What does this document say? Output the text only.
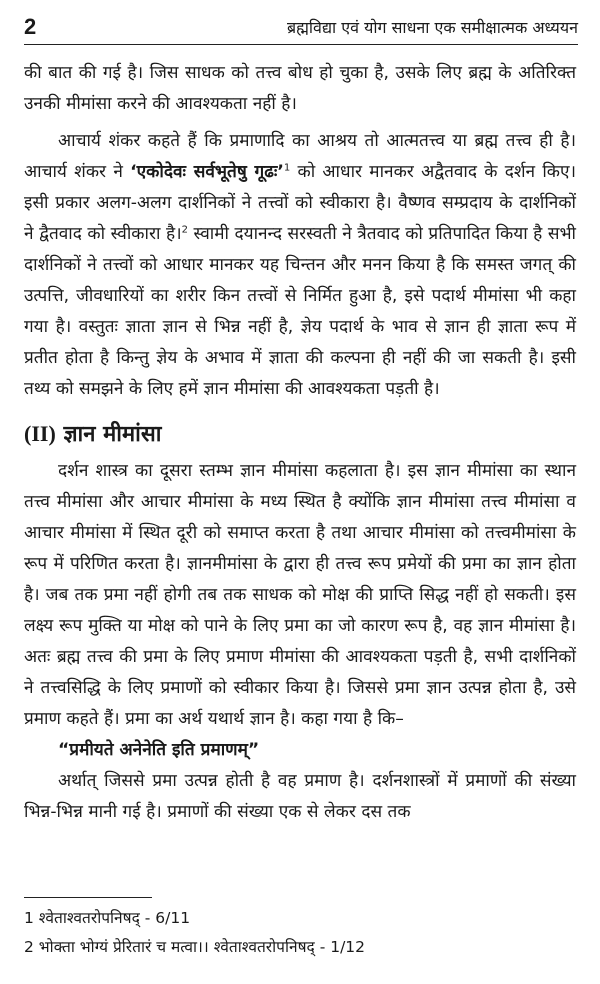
2	ब्रह्मविद्या एवं योग साधना एक समीक्षात्मक अध्ययन

की बात की गई है। जिस साधक को तत्त्व बोध हो चुका है, उसके लिए ब्रह्म के अतिरिक्त उनकी मीमांसा करने की आवश्यकता नहीं है।

आचार्य शंकर कहते हैं कि प्रमाणादि का आश्रय तो आत्मतत्त्व या ब्रह्म तत्त्व ही है। आचार्य शंकर ने ‘एकोदेवः सर्वभूतेषु गूढः’$^1$ को आधार मानकर अद्वैतवाद के दर्शन किए। इसी प्रकार अलग-अलग दार्शनिकों ने तत्त्वों को स्वीकारा है। वैष्णव सम्प्रदाय के दार्शनिकों ने द्वैतवाद को स्वीकारा है।$^2$ स्वामी दयानन्द सरस्वती ने त्रैतवाद को प्रतिपादित किया है सभी दार्शनिकों ने तत्त्वों को आधार मानकर यह चिन्तन और मनन किया है कि समस्त जगत् की उत्पत्ति, जीवधारियों का शरीर किन तत्त्वों से निर्मित हुआ है, इसे पदार्थ मीमांसा भी कहा गया है। वस्तुतः ज्ञाता ज्ञान से भिन्न नहीं है, ज्ञेय पदार्थ के भाव से ज्ञान ही ज्ञाता रूप में प्रतीत होता है किन्तु ज्ञेय के अभाव में ज्ञाता की कल्पना ही नहीं की जा सकती है। इसी तथ्य को समझने के लिए हमें ज्ञान मीमांसा की आवश्यकता पड़ती है।

(II) ज्ञान मीमांसा

दर्शन शास्त्र का दूसरा स्तम्भ ज्ञान मीमांसा कहलाता है। इस ज्ञान मीमांसा का स्थान तत्त्व मीमांसा और आचार मीमांसा के मध्य स्थित है क्योंकि ज्ञान मीमांसा तत्त्व मीमांसा व आचार मीमांसा में स्थित दूरी को समाप्त करता है तथा आचार मीमांसा को तत्त्वमीमांसा के रूप में परिणित करता है। ज्ञानमीमांसा के द्वारा ही तत्त्व रूप प्रमेयों की प्रमा का ज्ञान होता है। जब तक प्रमा नहीं होगी तब तक साधक को मोक्ष की प्राप्ति सिद्ध नहीं हो सकती। इस लक्ष्य रूप मुक्ति या मोक्ष को पाने के लिए प्रमा का जो कारण रूप है, वह ज्ञान मीमांसा है। अतः ब्रह्म तत्त्व की प्रमा के लिए प्रमाण मीमांसा की आवश्यकता पड़ती है, सभी दार्शनिकों ने तत्त्वसिद्धि के लिए प्रमाणों को स्वीकार किया है। जिससे प्रमा ज्ञान उत्पन्न होता है, उसे प्रमाण कहते हैं। प्रमा का अर्थ यथार्थ ज्ञान है। कहा गया है कि–

“प्रमीयते अनेनेति इति प्रमाणम्”

अर्थात् जिससे प्रमा उत्पन्न होती है वह प्रमाण है। दर्शनशास्त्रों में प्रमाणों की संख्या भिन्न-भिन्न मानी गई है। प्रमाणों की संख्या एक से लेकर दस तक

1 श्वेताश्वतरोपनिषद् - 6/11
2 भोक्ता भोग्यं प्रेरितारं च मत्वा।। श्वेताश्वतरोपनिषद् - 1/12
